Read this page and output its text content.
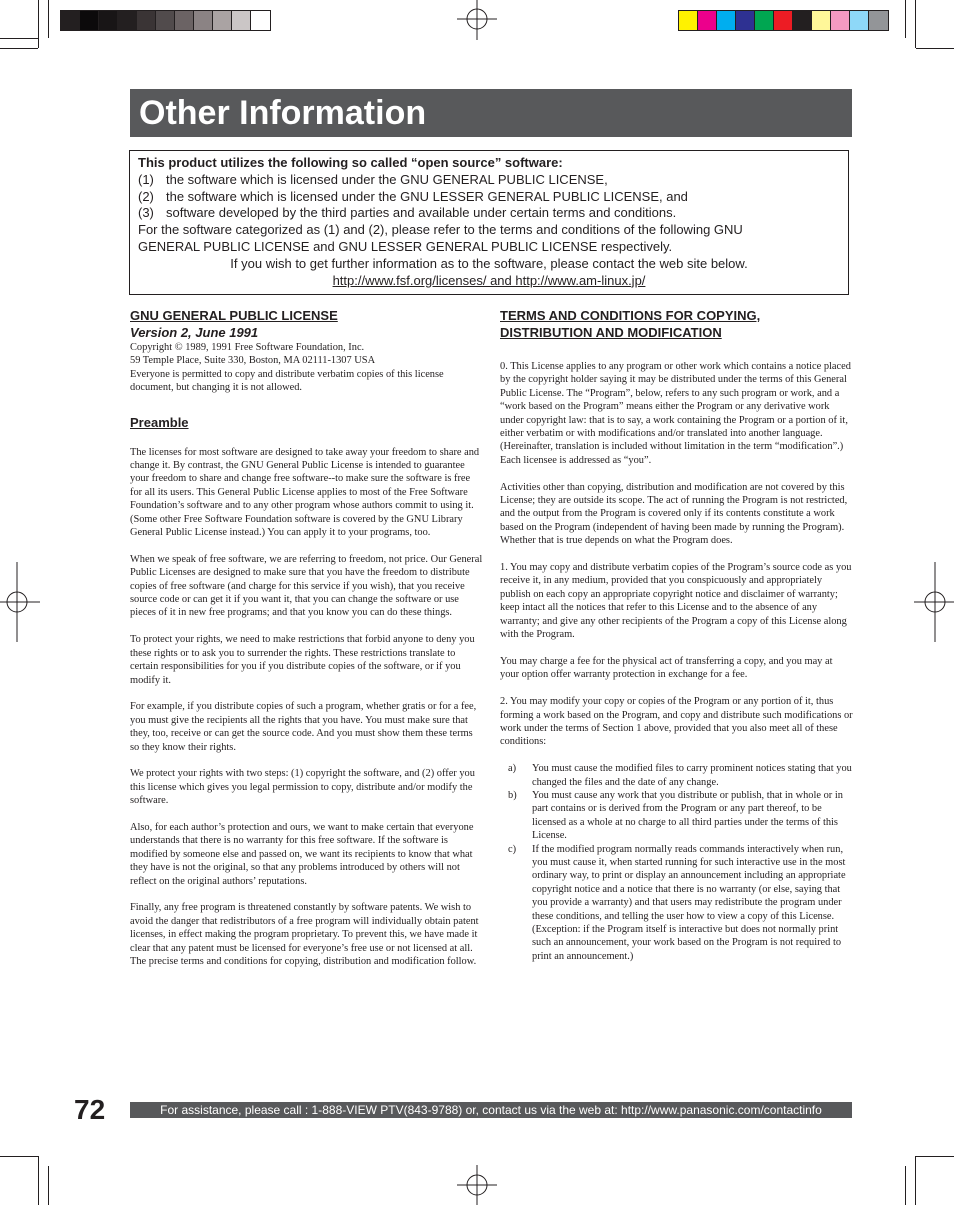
Other Information

This product utilizes the following so called “open source” software:

(1) the software which is licensed under the GNU GENERAL PUBLIC LICENSE,
(2) the software which is licensed under the GNU LESSER GENERAL PUBLIC LICENSE, and
(3) software developed by the third parties and available under certain terms and conditions.

For the software categorized as (1) and (2), please refer to the terms and conditions of the following GNU GENERAL PUBLIC LICENSE and GNU LESSER GENERAL PUBLIC LICENSE respectively.

If you wish to get further information as to the software, please contact the web site below.

http://www.fsf.org/licenses/ and http://www.am-linux.jp/

GNU GENERAL PUBLIC LICENSE

Version 2, June 1991

Copyright © 1989, 1991 Free Software Foundation, Inc.

59 Temple Place, Suite 330, Boston, MA 02111-1307 USA

Everyone is permitted to copy and distribute verbatim copies of this license document, but changing it is not allowed.

Preamble

The licenses for most software are designed to take away your freedom to share and change it. By contrast, the GNU General Public License is intended to guarantee your freedom to share and change free software--to make sure the software is free for all its users. This General Public License applies to most of the Free Software Foundation’s software and to any other program whose authors commit to using it. (Some other Free Software Foundation software is covered by the GNU Library General Public License instead.) You can apply it to your programs, too.

When we speak of free software, we are referring to freedom, not price. Our General Public Licenses are designed to make sure that you have the freedom to distribute copies of free software (and charge for this service if you wish), that you receive source code or can get it if you want it, that you can change the software or use pieces of it in new free programs; and that you know you can do these things.

To protect your rights, we need to make restrictions that forbid anyone to deny you these rights or to ask you to surrender the rights. These restrictions translate to certain responsibilities for you if you distribute copies of the software, or if you modify it.

For example, if you distribute copies of such a program, whether gratis or for a fee, you must give the recipients all the rights that you have. You must make sure that they, too, receive or can get the source code. And you must show them these terms so they know their rights.

We protect your rights with two steps: (1) copyright the software, and (2) offer you this license which gives you legal permission to copy, distribute and/or modify the software.

Also, for each author’s protection and ours, we want to make certain that everyone understands that there is no warranty for this free software. If the software is modified by someone else and passed on, we want its recipients to know that what they have is not the original, so that any problems introduced by others will not reflect on the original authors’ reputations.

Finally, any free program is threatened constantly by software patents. We wish to avoid the danger that redistributors of a free program will individually obtain patent licenses, in effect making the program proprietary. To prevent this, we have made it clear that any patent must be licensed for everyone’s free use or not licensed at all.

The precise terms and conditions for copying, distribution and modification follow.

TERMS AND CONDITIONS FOR COPYING,

DISTRIBUTION AND MODIFICATION

0. This License applies to any program or other work which contains a notice placed by the copyright holder saying it may be distributed under the terms of this General Public License. The “Program”, below, refers to any such program or work, and a “work based on the Program” means either the Program or any derivative work under copyright law: that is to say, a work containing the Program or a portion of it, either verbatim or with modifications and/or translated into another language. (Hereinafter, translation is included without limitation in the term “modification”.) Each licensee is addressed as “you”.

Activities other than copying, distribution and modification are not covered by this License; they are outside its scope. The act of running the Program is not restricted, and the output from the Program is covered only if its contents constitute a work based on the Program (independent of having been made by running the Program). Whether that is true depends on what the Program does.

1. You may copy and distribute verbatim copies of the Program’s source code as you receive it, in any medium, provided that you conspicuously and appropriately publish on each copy an appropriate copyright notice and disclaimer of warranty; keep intact all the notices that refer to this License and to the absence of any warranty; and give any other recipients of the Program a copy of this License along with the Program.

You may charge a fee for the physical act of transferring a copy, and you may at your option offer warranty protection in exchange for a fee.

2. You may modify your copy or copies of the Program or any portion of it, thus forming a work based on the Program, and copy and distribute such modifications or work under the terms of Section 1 above, provided that you also meet all of these conditions:

a)	You must cause the modified files to carry prominent notices stating that you changed the files and the date of any change.
b)	You must cause any work that you distribute or publish, that in whole or in part contains or is derived from the Program or any part thereof, to be licensed as a whole at no charge to all third parties under the terms of this License.
c)	If the modified program normally reads commands interactively when run, you must cause it, when started running for such interactive use in the most ordinary way, to print or display an announcement including an appropriate copyright notice and a notice that there is no warranty (or else, saying that you provide a warranty) and that users may redistribute the program under these conditions, and telling the user how to view a copy of this License. (Exception: if the Program itself is interactive but does not normally print such an announcement, your work based on the Program is not required to print an announcement.)
72	For assistance, please call : 1-888-VIEW PTV(843-9788) or, contact us via the web at: http://www.panasonic.com/contactinfo
